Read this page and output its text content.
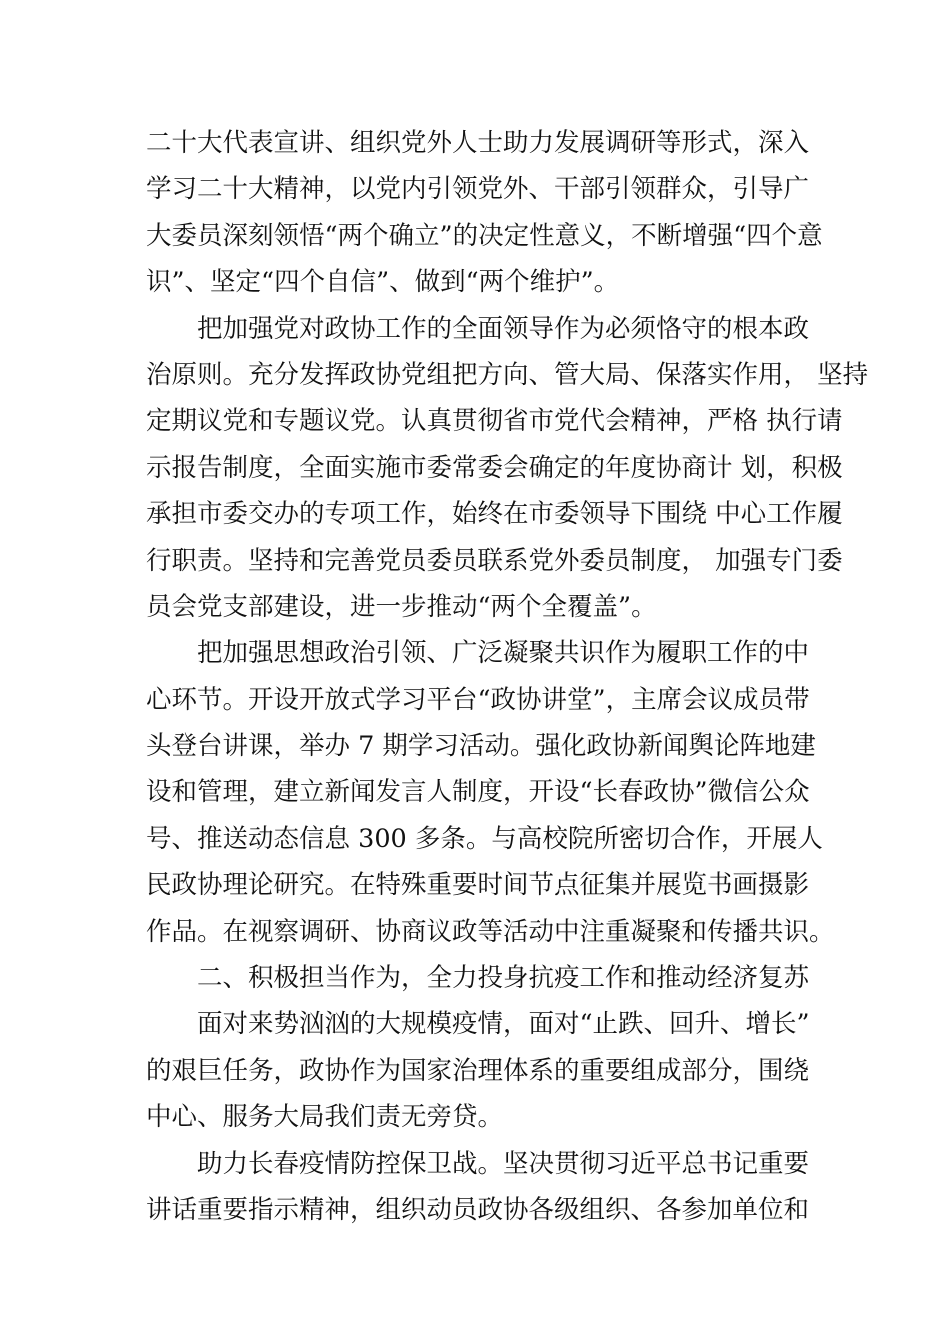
二十大代表宣讲、组织党外人士助力发展调研等形式，深入
学习二十大精神，以党内引领党外、干部引领群众，引导广
大委员深刻领悟“两个确立”的决定性意义，不断增强“四个意
识”、坚定“四个自信”、做到“两个维护”。
把加强党对政协工作的全面领导作为必须恪守的根本政
治原则。充分发挥政协党组把方向、管大局、保落实作用， 坚持
定期议党和专题议党。认真贯彻省市党代会精神，严格 执行请
示报告制度，全面实施市委常委会确定的年度协商计 划，积极
承担市委交办的专项工作，始终在市委领导下围绕 中心工作履
行职责。坚持和完善党员委员联系党外委员制度， 加强专门委
员会党支部建设，进一步推动“两个全覆盖”。
把加强思想政治引领、广泛凝聚共识作为履职工作的中
心环节。开设开放式学习平台“政协讲堂”，主席会议成员带
头登台讲课，举办 7 期学习活动。强化政协新闻舆论阵地建
设和管理，建立新闻发言人制度，开设“长春政协”微信公众
号、推送动态信息 300 多条。与高校院所密切合作，开展人
民政协理论研究。在特殊重要时间节点征集并展览书画摄影
作品。在视察调研、协商议政等活动中注重凝聚和传播共识。
二、积极担当作为，全力投身抗疫工作和推动经济复苏
面对来势汹汹的大规模疫情，面对“止跌、回升、增长”
的艰巨任务，政协作为国家治理体系的重要组成部分，围绕
中心、服务大局我们责无旁贷。
助力长春疫情防控保卫战。坚决贯彻习近平总书记重要
讲话重要指示精神，组织动员政协各级组织、各参加单位和
